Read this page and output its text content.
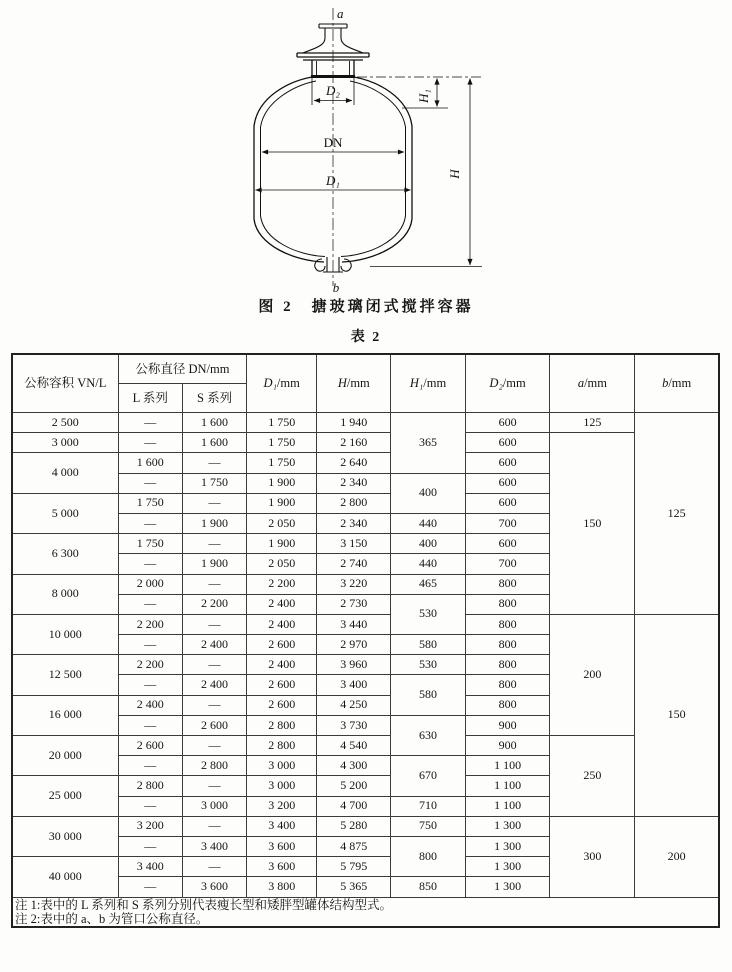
a
D₂
DN
D₁
H₁
H
b
图 2　搪玻璃闭式搅拌容器
表 2
公称容积 VN/L	公称直径 DN/mm		D₁/mm	H/mm	H₁/mm	D₂/mm	a/mm	b/mm
	L 系列	S 系列						
2 500	—	1 600	1 750	1 940	365	600	125	125
3 000	—	1 600	1 750	2 160		600	150	
4 000	1 600	—	1 750	2 640		600		
	—	1 750	1 900	2 340	400	600		
5 000	1 750	—	1 900	2 800		600		
	—	1 900	2 050	2 340	440	700		
6 300	1 750	—	1 900	3 150	400	600		
	—	1 900	2 050	2 740	440	700		
8 000	2 000	—	2 200	3 220	465	800		
	—	2 200	2 400	2 730	530	800		
10 000	2 200	—	2 400	3 440		800	200	150
	—	2 400	2 600	2 970	580	800		
12 500	2 200	—	2 400	3 960	530	800		
	—	2 400	2 600	3 400	580	800		
16 000	2 400	—	2 600	4 250		800		
	—	2 600	2 800	3 730	630	900		
20 000	2 600	—	2 800	4 540		900	250	
	—	2 800	3 000	4 300	670	1 100		
25 000	2 800	—	3 000	5 200		1 100		
	—	3 000	3 200	4 700	710	1 100		
30 000	3 200	—	3 400	5 280	750	1 300	300	200
	—	3 400	3 600	4 875	800	1 300		
40 000	3 400	—	3 600	5 795		1 300		
	—	3 600	3 800	5 365	850	1 300		

注 1:表中的 L 系列和 S 系列分别代表瘦长型和矮胖型罐体结构型式。
注 2:表中的 a、b 为管口公称直径。								
